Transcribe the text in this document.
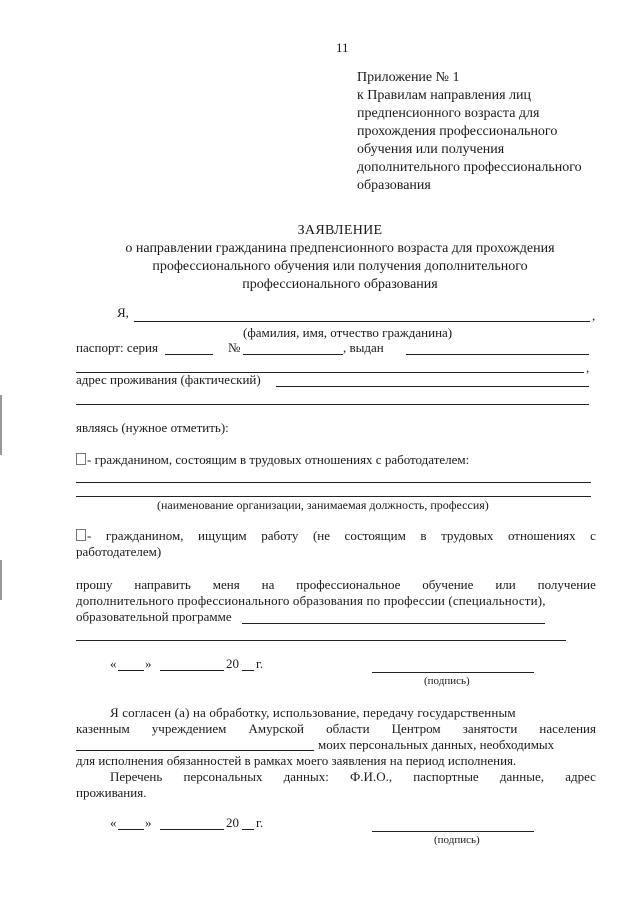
11
Приложение № 1
к Правилам направления лиц
предпенсионного возраста для
прохождения профессионального
обучения или получения
дополнительного профессионального
образования
ЗАЯВЛЕНИЕ
о направлении гражданина предпенсионного возраста для прохождения
профессионального обучения или получения дополнительного
профессионального образования
Я,	,
(фамилия, имя, отчество гражданина)
паспорт: серия	№	, выдан
,
адрес проживания (фактический)
являясь (нужное отметить):
- гражданином, состоящим в трудовых отношениях с работодателем:
(наименование организации, занимаемая должность, профессия)
- гражданином, ищущим работу (не состоящим в трудовых отношениях с
работодателем)
прошу направить меня на профессиональное обучение или получение
дополнительного профессионального образования по профессии (специальности),
образовательной программе
« »	20 г.
(подпись)
Я согласен (а) на обработку, использование, передачу государственным
казенным учреждением Амурской области Центром занятости населения
моих персональных данных, необходимых
для исполнения обязанностей в рамках моего заявления на период исполнения.
Перечень персональных данных: Ф.И.О., паспортные данные, адрес
проживания.
« »	20 г.
(подпись)
